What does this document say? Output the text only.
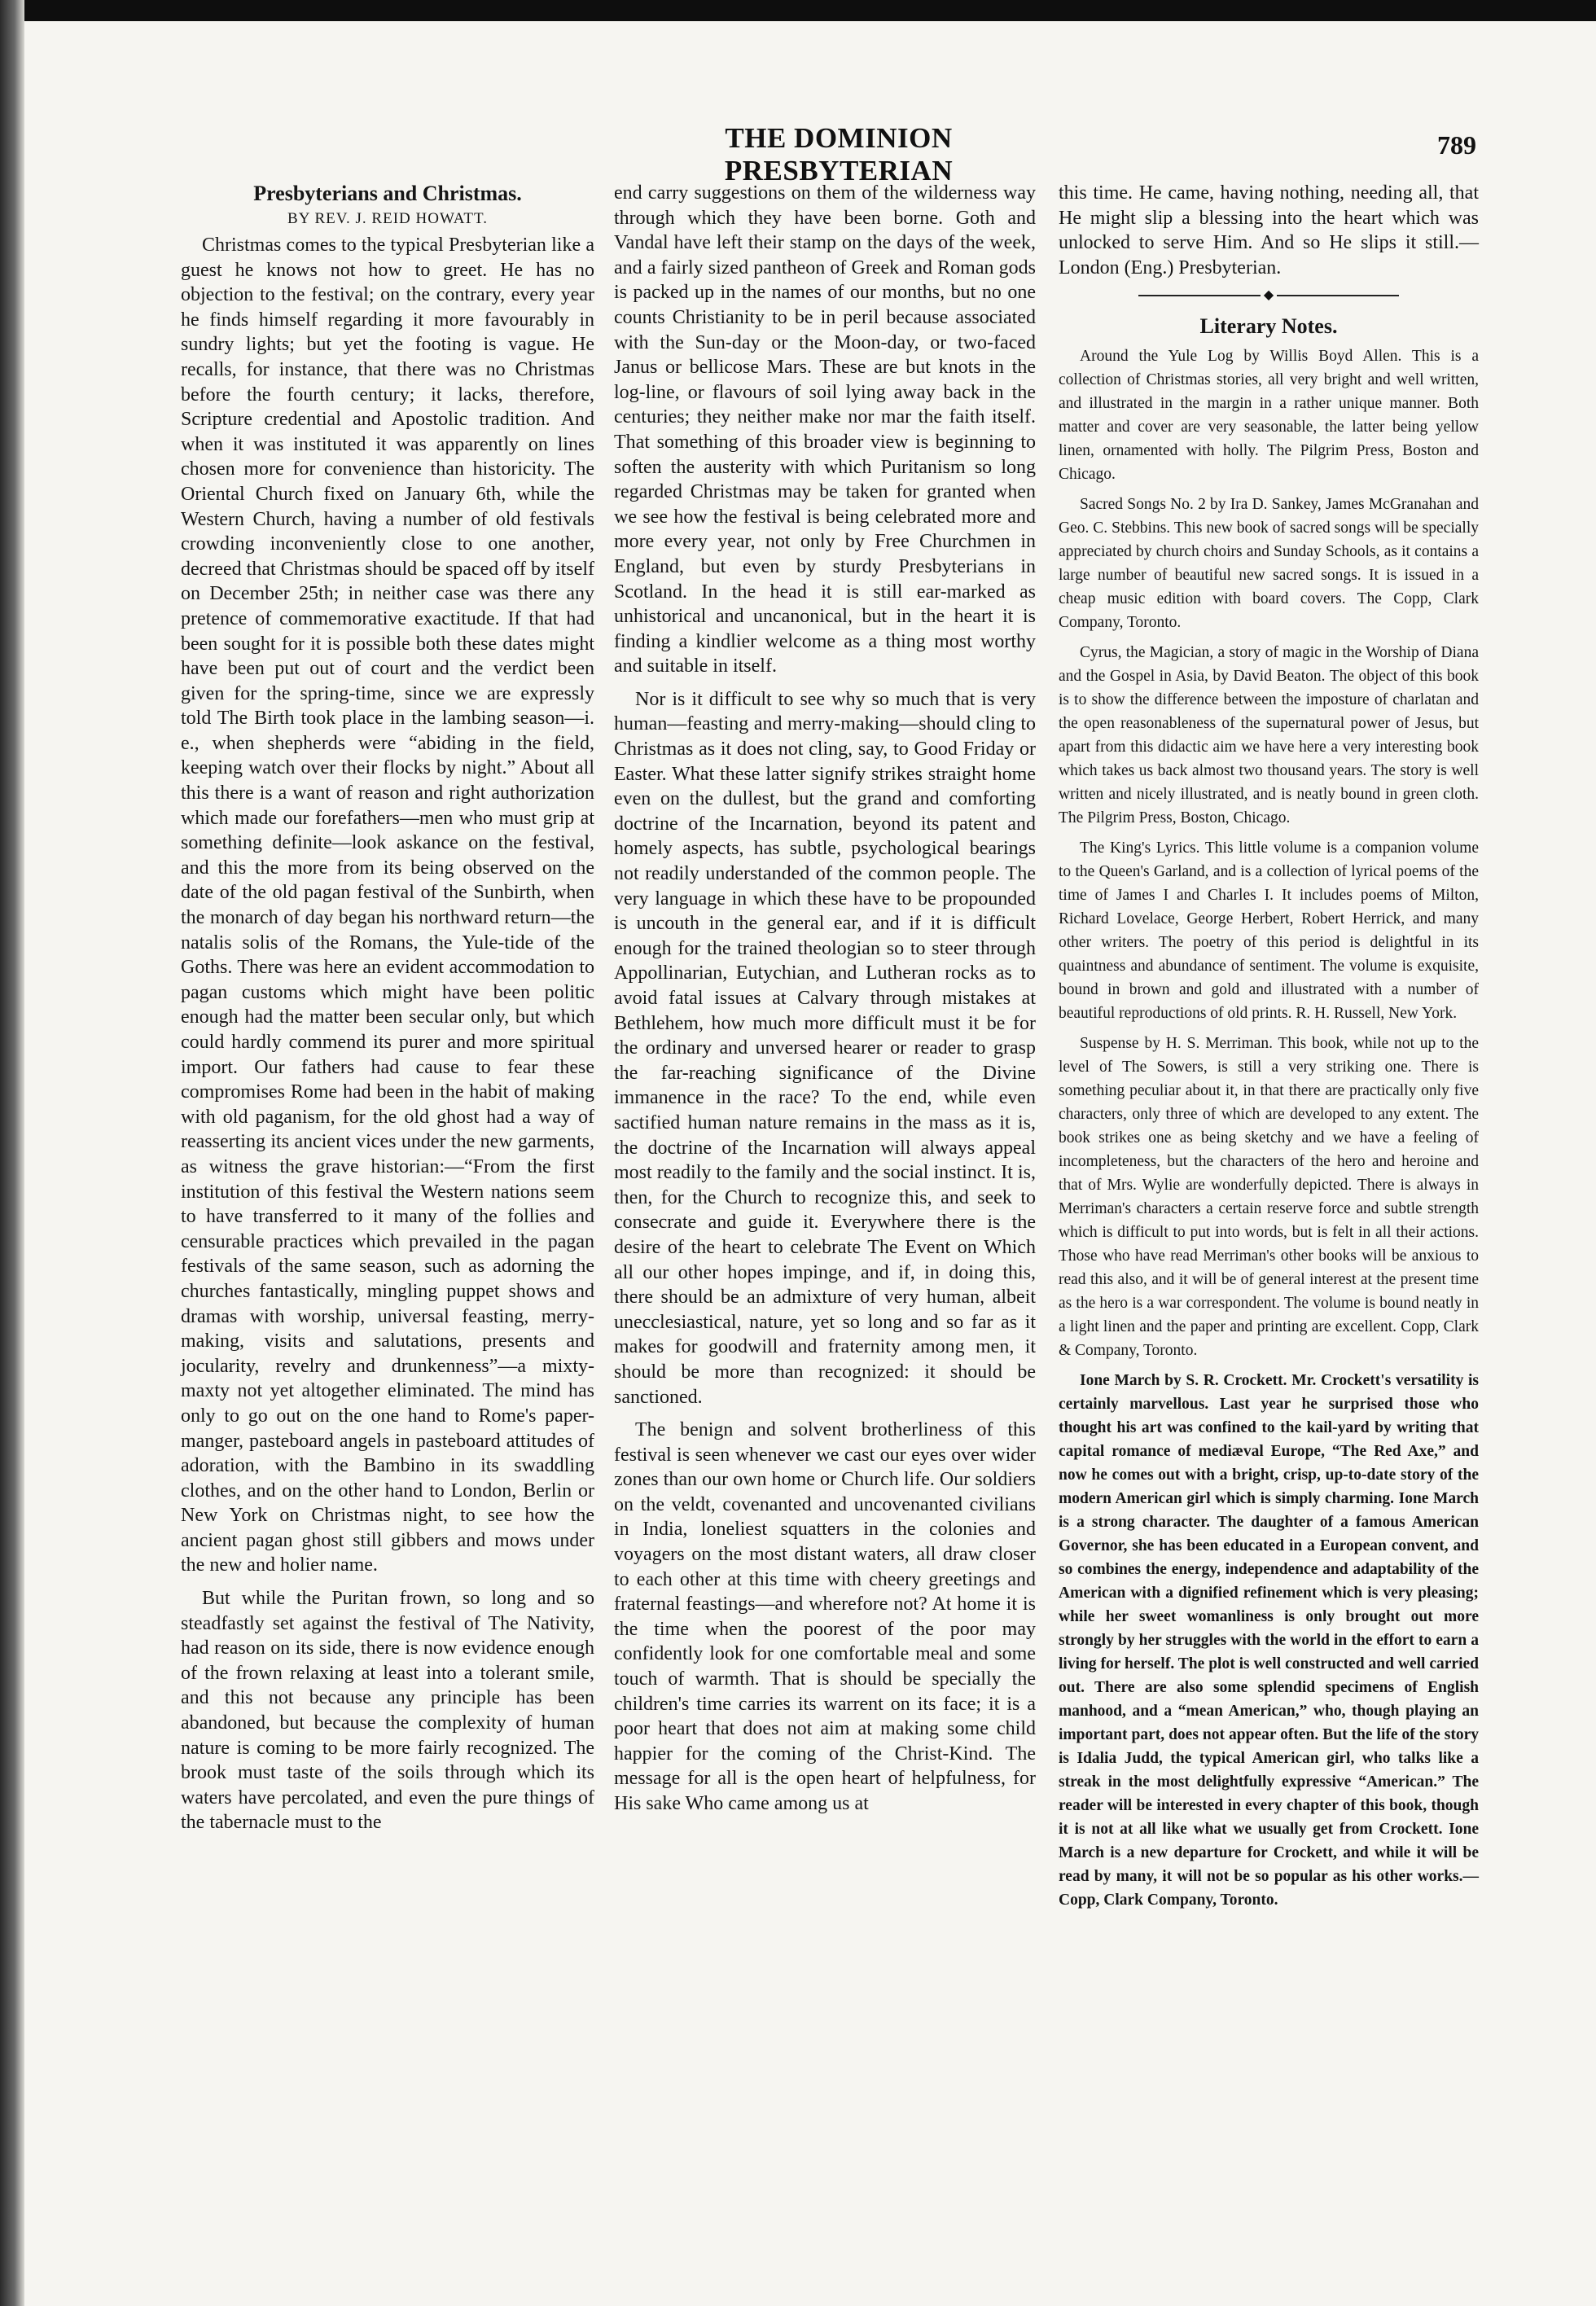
THE DOMINION PRESBYTERIAN
789
Presbyterians and Christmas.
BY REV. J. REID HOWATT.

Christmas comes to the typical Presbyterian like a guest he knows not how to greet. He has no objection to the festival; on the contrary, every year he finds himself regarding it more favourably in sundry lights; but yet the footing is vague. He recalls, for instance, that there was no Christmas before the fourth century; it lacks, therefore, Scripture credential and Apostolic tradition. And when it was instituted it was apparently on lines chosen more for convenience than historicity. The Oriental Church fixed on January 6th, while the Western Church, having a number of old festivals crowding inconveniently close to one another, decreed that Christmas should be spaced off by itself on December 25th; in neither case was there any pretence of commemorative exactitude. If that had been sought for it is possible both these dates might have been put out of court and the verdict been given for the spring-time, since we are expressly told The Birth took place in the lambing season—i. e., when shepherds were “abiding in the field, keeping watch over their flocks by night.” About all this there is a want of reason and right authorization which made our forefathers—men who must grip at something definite—look askance on the festival, and this the more from its being observed on the date of the old pagan festival of the Sunbirth, when the monarch of day began his northward return—the natalis solis of the Romans, the Yule-tide of the Goths. There was here an evident accommodation to pagan customs which might have been politic enough had the matter been secular only, but which could hardly commend its purer and more spiritual import. Our fathers had cause to fear these compromises Rome had been in the habit of making with old paganism, for the old ghost had a way of reasserting its ancient vices under the new garments, as witness the grave historian:—“From the first institution of this festival the Western nations seem to have transferred to it many of the follies and censurable practices which prevailed in the pagan festivals of the same season, such as adorning the churches fantastically, mingling puppet shows and dramas with worship, universal feasting, merry-making, visits and salutations, presents and jocularity, revelry and drunkenness”—a mixty-maxty not yet altogether eliminated. The mind has only to go out on the one hand to Rome's paper-manger, pasteboard angels in pasteboard attitudes of adoration, with the Bambino in its swaddling clothes, and on the other hand to London, Berlin or New York on Christmas night, to see how the ancient pagan ghost still gibbers and mows under the new and holier name.

But while the Puritan frown, so long and so steadfastly set against the festival of The Nativity, had reason on its side, there is now evidence enough of the frown relaxing at least into a tolerant smile, and this not because any principle has been abandoned, but because the complexity of human nature is coming to be more fairly recognized. The brook must taste of the soils through which its waters have percolated, and even the pure things of the tabernacle must to the

end carry suggestions on them of the wilderness way through which they have been borne. Goth and Vandal have left their stamp on the days of the week, and a fairly sized pantheon of Greek and Roman gods is packed up in the names of our months, but no one counts Christianity to be in peril because associated with the Sun-day or the Moon-day, or two-faced Janus or bellicose Mars. These are but knots in the log-line, or flavours of soil lying away back in the centuries; they neither make nor mar the faith itself. That something of this broader view is beginning to soften the austerity with which Puritanism so long regarded Christmas may be taken for granted when we see how the festival is being celebrated more and more every year, not only by Free Churchmen in England, but even by sturdy Presbyterians in Scotland. In the head it is still ear-marked as unhistorical and uncanonical, but in the heart it is finding a kindlier welcome as a thing most worthy and suitable in itself.

Nor is it difficult to see why so much that is very human—feasting and merry-making—should cling to Christmas as it does not cling, say, to Good Friday or Easter. What these latter signify strikes straight home even on the dullest, but the grand and comforting doctrine of the Incarnation, beyond its patent and homely aspects, has subtle, psychological bearings not readily understanded of the common people. The very language in which these have to be propounded is uncouth in the general ear, and if it is difficult enough for the trained theologian so to steer through Appollinarian, Eutychian, and Lutheran rocks as to avoid fatal issues at Calvary through mistakes at Bethlehem, how much more difficult must it be for the ordinary and unversed hearer or reader to grasp the far-reaching significance of the Divine immanence in the race? To the end, while even sactified human nature remains in the mass as it is, the doctrine of the Incarnation will always appeal most readily to the family and the social instinct. It is, then, for the Church to recognize this, and seek to consecrate and guide it. Everywhere there is the desire of the heart to celebrate The Event on Which all our other hopes impinge, and if, in doing this, there should be an admixture of very human, albeit unecclesiastical, nature, yet so long and so far as it makes for goodwill and fraternity among men, it should be more than recognized: it should be sanctioned.

The benign and solvent brotherliness of this festival is seen whenever we cast our eyes over wider zones than our own home or Church life. Our soldiers on the veldt, covenanted and uncovenanted civilians in India, loneliest squatters in the colonies and voyagers on the most distant waters, all draw closer to each other at this time with cheery greetings and fraternal feastings—and wherefore not? At home it is the time when the poorest of the poor may confidently look for one comfortable meal and some touch of warmth. That is should be specially the children's time carries its warrent on its face; it is a poor heart that does not aim at making some child happier for the coming of the Christ-Kind. The message for all is the open heart of helpfulness, for His sake Who came among us at

this time. He came, having nothing, needing all, that He might slip a blessing into the heart which was unlocked to serve Him. And so He slips it still.—London (Eng.) Presbyterian.

◆
Literary Notes.

Around the Yule Log by Willis Boyd Allen. This is a collection of Christmas stories, all very bright and well written, and illustrated in the margin in a rather unique manner. Both matter and cover are very seasonable, the latter being yellow linen, ornamented with holly. The Pilgrim Press, Boston and Chicago.

Sacred Songs No. 2 by Ira D. Sankey, James McGranahan and Geo. C. Stebbins. This new book of sacred songs will be specially appreciated by church choirs and Sunday Schools, as it contains a large number of beautiful new sacred songs. It is issued in a cheap music edition with board covers. The Copp, Clark Company, Toronto.

Cyrus, the Magician, a story of magic in the Worship of Diana and the Gospel in Asia, by David Beaton. The object of this book is to show the difference between the imposture of charlatan and the open reasonableness of the supernatural power of Jesus, but apart from this didactic aim we have here a very interesting book which takes us back almost two thousand years. The story is well written and nicely illustrated, and is neatly bound in green cloth. The Pilgrim Press, Boston, Chicago.

The King's Lyrics. This little volume is a companion volume to the Queen's Garland, and is a collection of lyrical poems of the time of James I and Charles I. It includes poems of Milton, Richard Lovelace, George Herbert, Robert Herrick, and many other writers. The poetry of this period is delightful in its quaintness and abundance of sentiment. The volume is exquisite, bound in brown and gold and illustrated with a number of beautiful reproductions of old prints. R. H. Russell, New York.

Suspense by H. S. Merriman. This book, while not up to the level of The Sowers, is still a very striking one. There is something peculiar about it, in that there are practically only five characters, only three of which are developed to any extent. The book strikes one as being sketchy and we have a feeling of incompleteness, but the characters of the hero and heroine and that of Mrs. Wylie are wonderfully depicted. There is always in Merriman's characters a certain reserve force and subtle strength which is difficult to put into words, but is felt in all their actions. Those who have read Merriman's other books will be anxious to read this also, and it will be of general interest at the present time as the hero is a war correspondent. The volume is bound neatly in a light linen and the paper and printing are excellent. Copp, Clark & Company, Toronto.

Ione March by S. R. Crockett. Mr. Crockett's versatility is certainly marvellous. Last year he surprised those who thought his art was confined to the kail-yard by writing that capital romance of mediæval Europe, “The Red Axe,” and now he comes out with a bright, crisp, up-to-date story of the modern American girl which is simply charming. Ione March is a strong character. The daughter of a famous American Governor, she has been educated in a European convent, and so combines the energy, independence and adaptability of the American with a dignified refinement which is very pleasing; while her sweet womanliness is only brought out more strongly by her struggles with the world in the effort to earn a living for herself. The plot is well constructed and well carried out. There are also some splendid specimens of English manhood, and a “mean American,” who, though playing an important part, does not appear often. But the life of the story is Idalia Judd, the typical American girl, who talks like a streak in the most delightfully expressive “American.” The reader will be interested in every chapter of this book, though it is not at all like what we usually get from Crockett. Ione March is a new departure for Crockett, and while it will be read by many, it will not be so popular as his other works.—Copp, Clark Company, Toronto.
